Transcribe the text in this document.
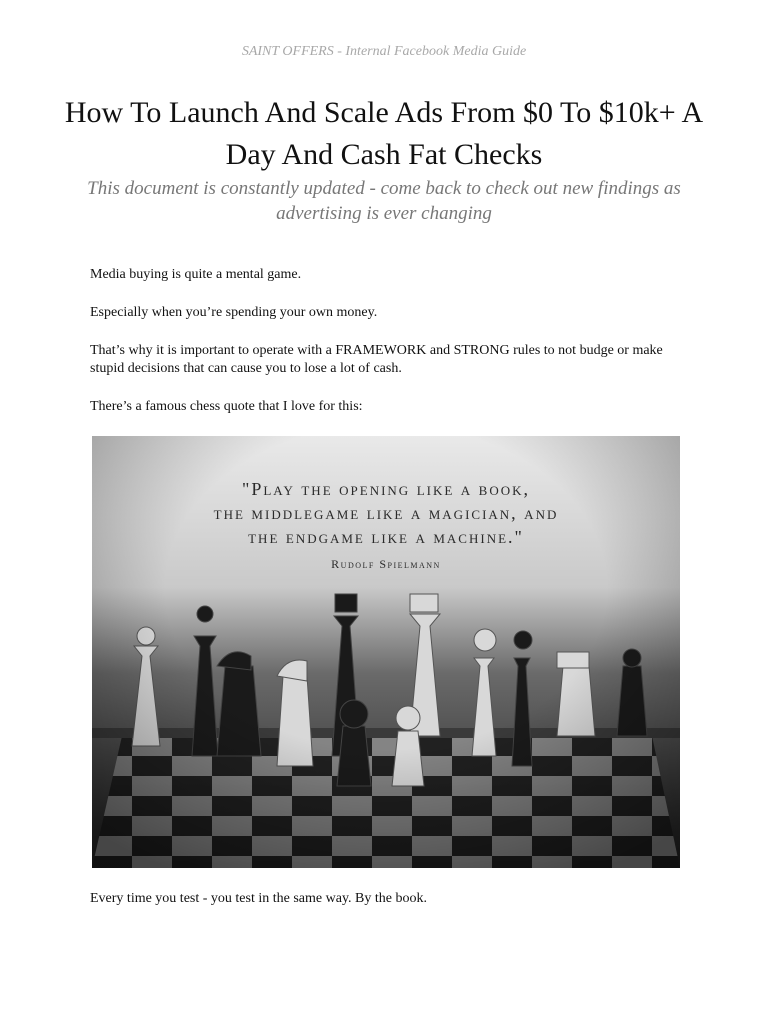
SAINT OFFERS - Internal Facebook Media Guide
How To Launch And Scale Ads From $0 To $10k+ A Day And Cash Fat Checks

This document is constantly updated - come back to check out new findings as advertising is ever changing

Media buying is quite a mental game.

Especially when you’re spending your own money.

That’s why it is important to operate with a FRAMEWORK and STRONG rules to not budge or make stupid decisions that can cause you to lose a lot of cash.

There’s a famous chess quote that I love for this:

"Play the opening like a book,
the middlegame like a magician, and
the endgame like a machine."
Rudolf Spielmann

Every time you test - you test in the same way. By the book.
